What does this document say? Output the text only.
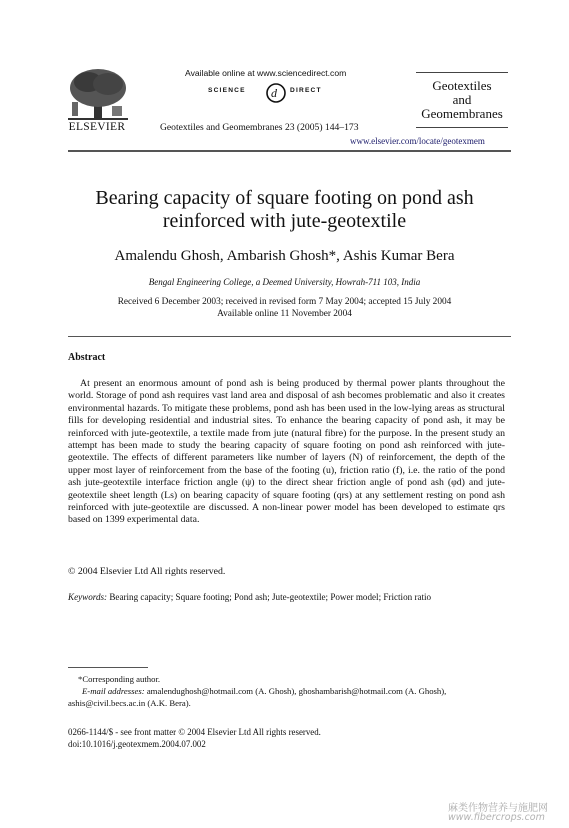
ELSEVIER
Available online at www.sciencedirect.com
d
SCIENCE	DIRECT
Geotextiles and Geomembranes 23 (2005) 144–173
Geotextiles
and
Geomembranes
www.elsevier.com/locate/geotexmem
Bearing capacity of square footing on pond ash
reinforced with jute-geotextile
Amalendu Ghosh, Ambarish Ghosh*, Ashis Kumar Bera
Bengal Engineering College, a Deemed University, Howrah-711 103, India
Received 6 December 2003; received in revised form 7 May 2004; accepted 15 July 2004
Available online 11 November 2004
Abstract

At present an enormous amount of pond ash is being produced by thermal power plants throughout the world. Storage of pond ash requires vast land area and disposal of ash becomes problematic and also it creates environmental hazards. To mitigate these problems, pond ash has been used in the low-lying areas as structural fills for developing residential and industrial sites. To enhance the bearing capacity of pond ash, it may be reinforced with jute-geotextile, a textile made from jute (natural fibre) for the purpose. In the present study an attempt has been made to study the bearing capacity of square footing on pond ash reinforced with jute-geotextile. The effects of different parameters like number of layers (N) of reinforcement, the depth of the upper most layer of reinforcement from the base of the footing (u), friction ratio (f), i.e. the ratio of the pond ash jute-geotextile interface friction angle (ψ) to the direct shear friction angle of pond ash (φd) and jute-geotextile sheet length (Ls) on bearing capacity of square footing (qrs) at any settlement resting on pond ash reinforced with jute-geotextile are discussed. A non-linear power model has been developed to estimate qrs based on 1399 experimental data.

© 2004 Elsevier Ltd All rights reserved.
Keywords: Bearing capacity; Square footing; Pond ash; Jute-geotextile; Power model; Friction ratio
*Corresponding author.
E-mail addresses: amalendughosh@hotmail.com (A. Ghosh), ghoshambarish@hotmail.com (A. Ghosh), ashis@civil.becs.ac.in (A.K. Bera).
0266-1144/$ - see front matter © 2004 Elsevier Ltd All rights reserved.
doi:10.1016/j.geotexmem.2004.07.002
麻类作物营养与施肥网
www.fibercrops.com
